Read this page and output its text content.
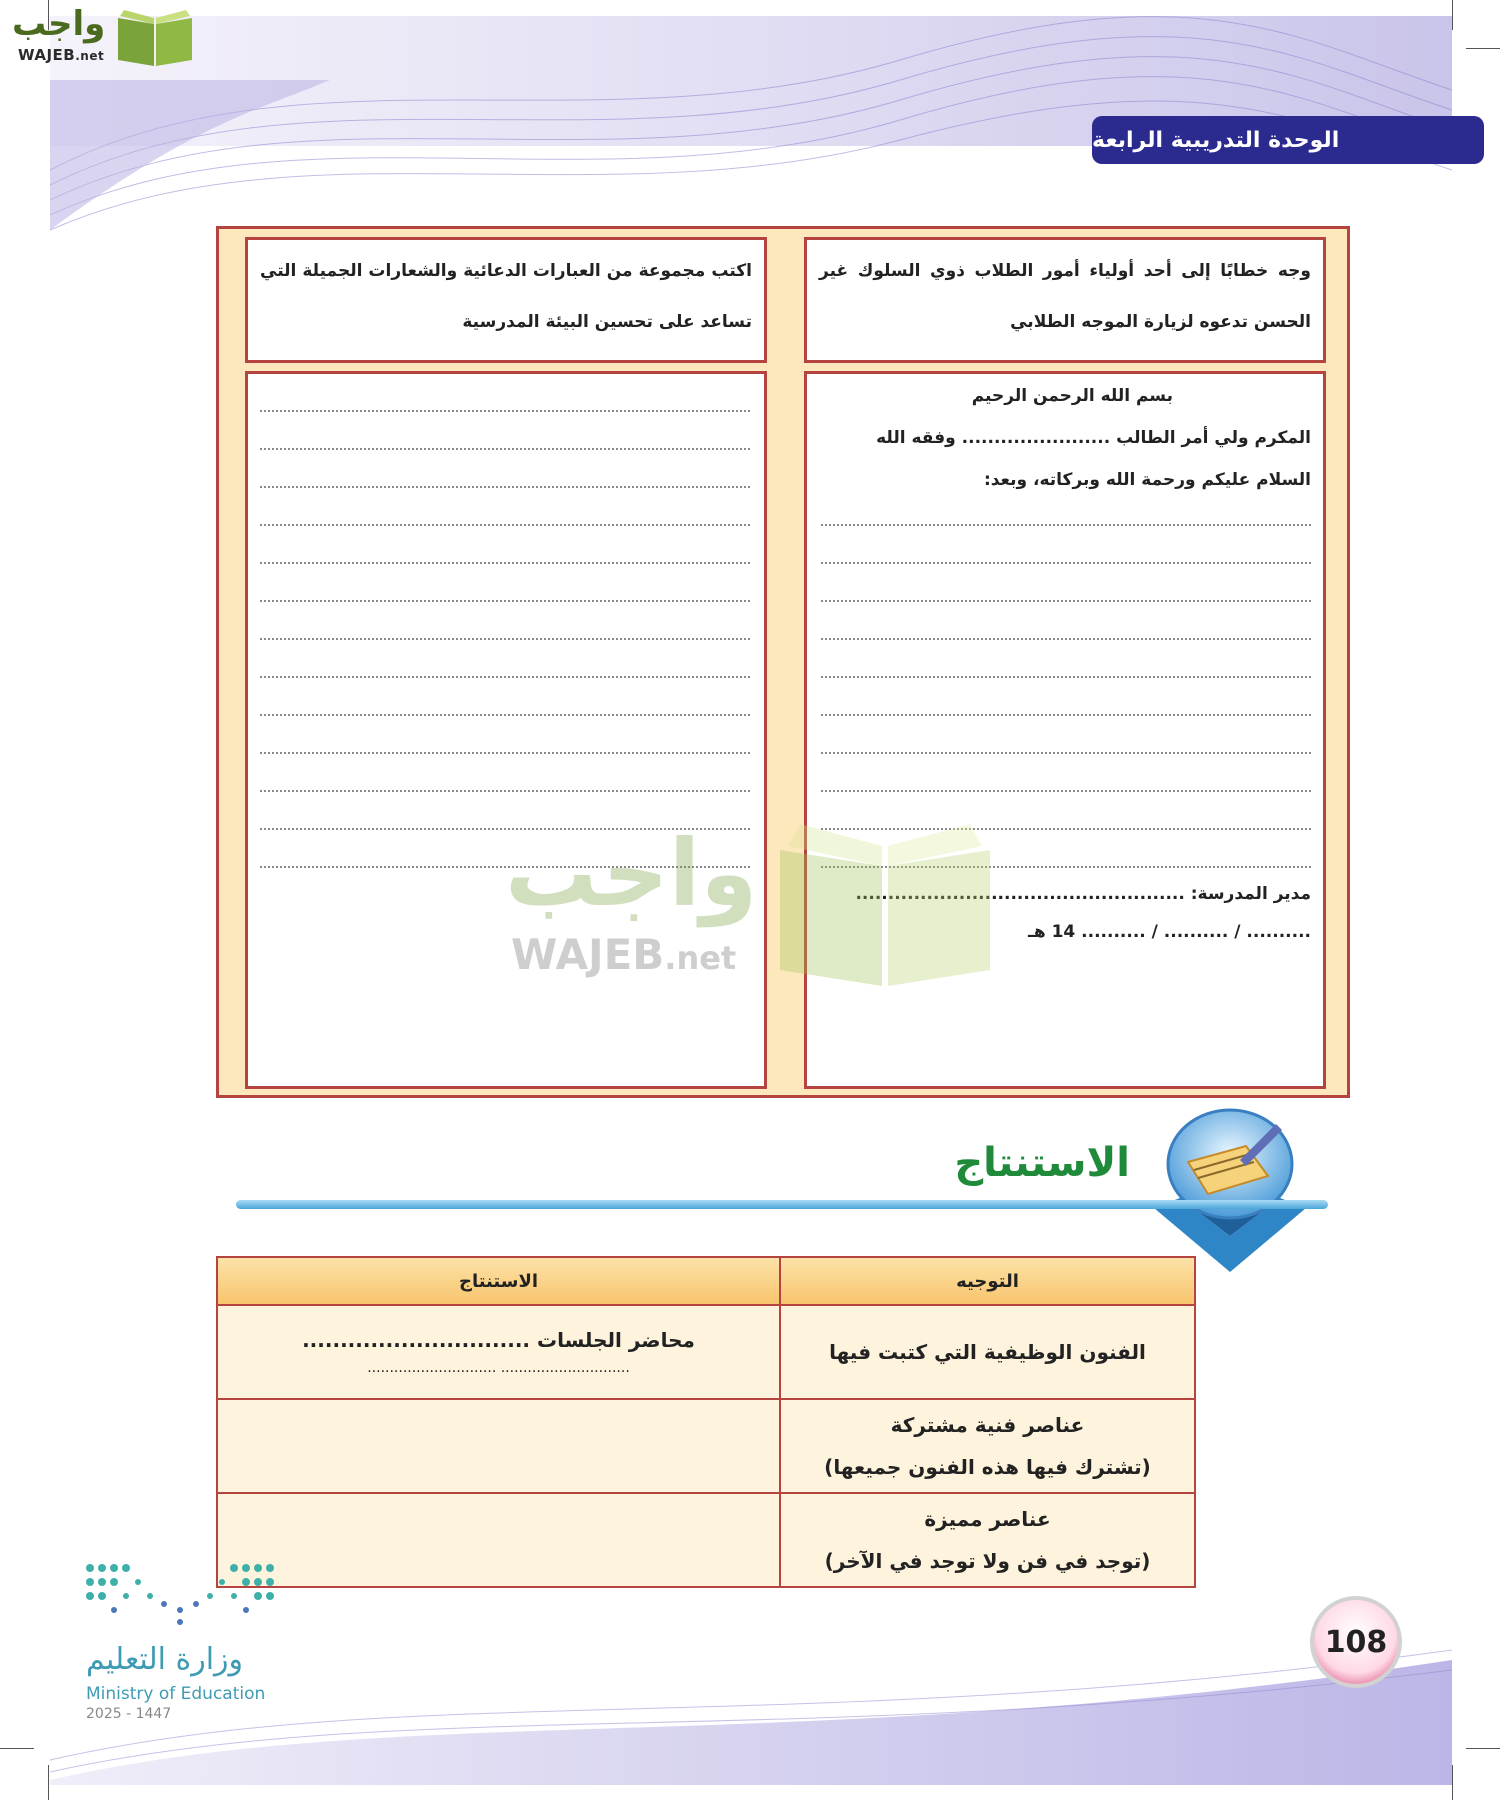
واجب
WAJEB.net
الوحدة التدريبية الرابعة
وجه خطابًا إلى أحد أولياء أمور الطلاب ذوي السلوك غير الحسن تدعوه لزيارة الموجه الطلابي
اكتب مجموعة من العبارات الدعائية والشعارات الجميلة التي تساعد على تحسين البيئة المدرسية
بسم الله الرحمن الرحيم
المكرم ولي أمر الطالب ....................... وفقه الله
السلام عليكم ورحمة الله وبركاته، وبعد:
مدير المدرسة: ...................................................
.......... / .......... / .......... 14 هـ
واجب
WAJEB.net
الاستنتاج
التوجيه	الاستنتاج

الفنون الوظيفية التي كتبت فيها	محاضر الجلسات ..............................
............................. .............................

عناصر فنية مشتركة
(تشترك فيها هذه الفنون جميعها)	

عناصر مميزة
(توجد في فن ولا توجد في الآخر)	

وزارة التعليم
Ministry of Education
2025 - 1447
108
